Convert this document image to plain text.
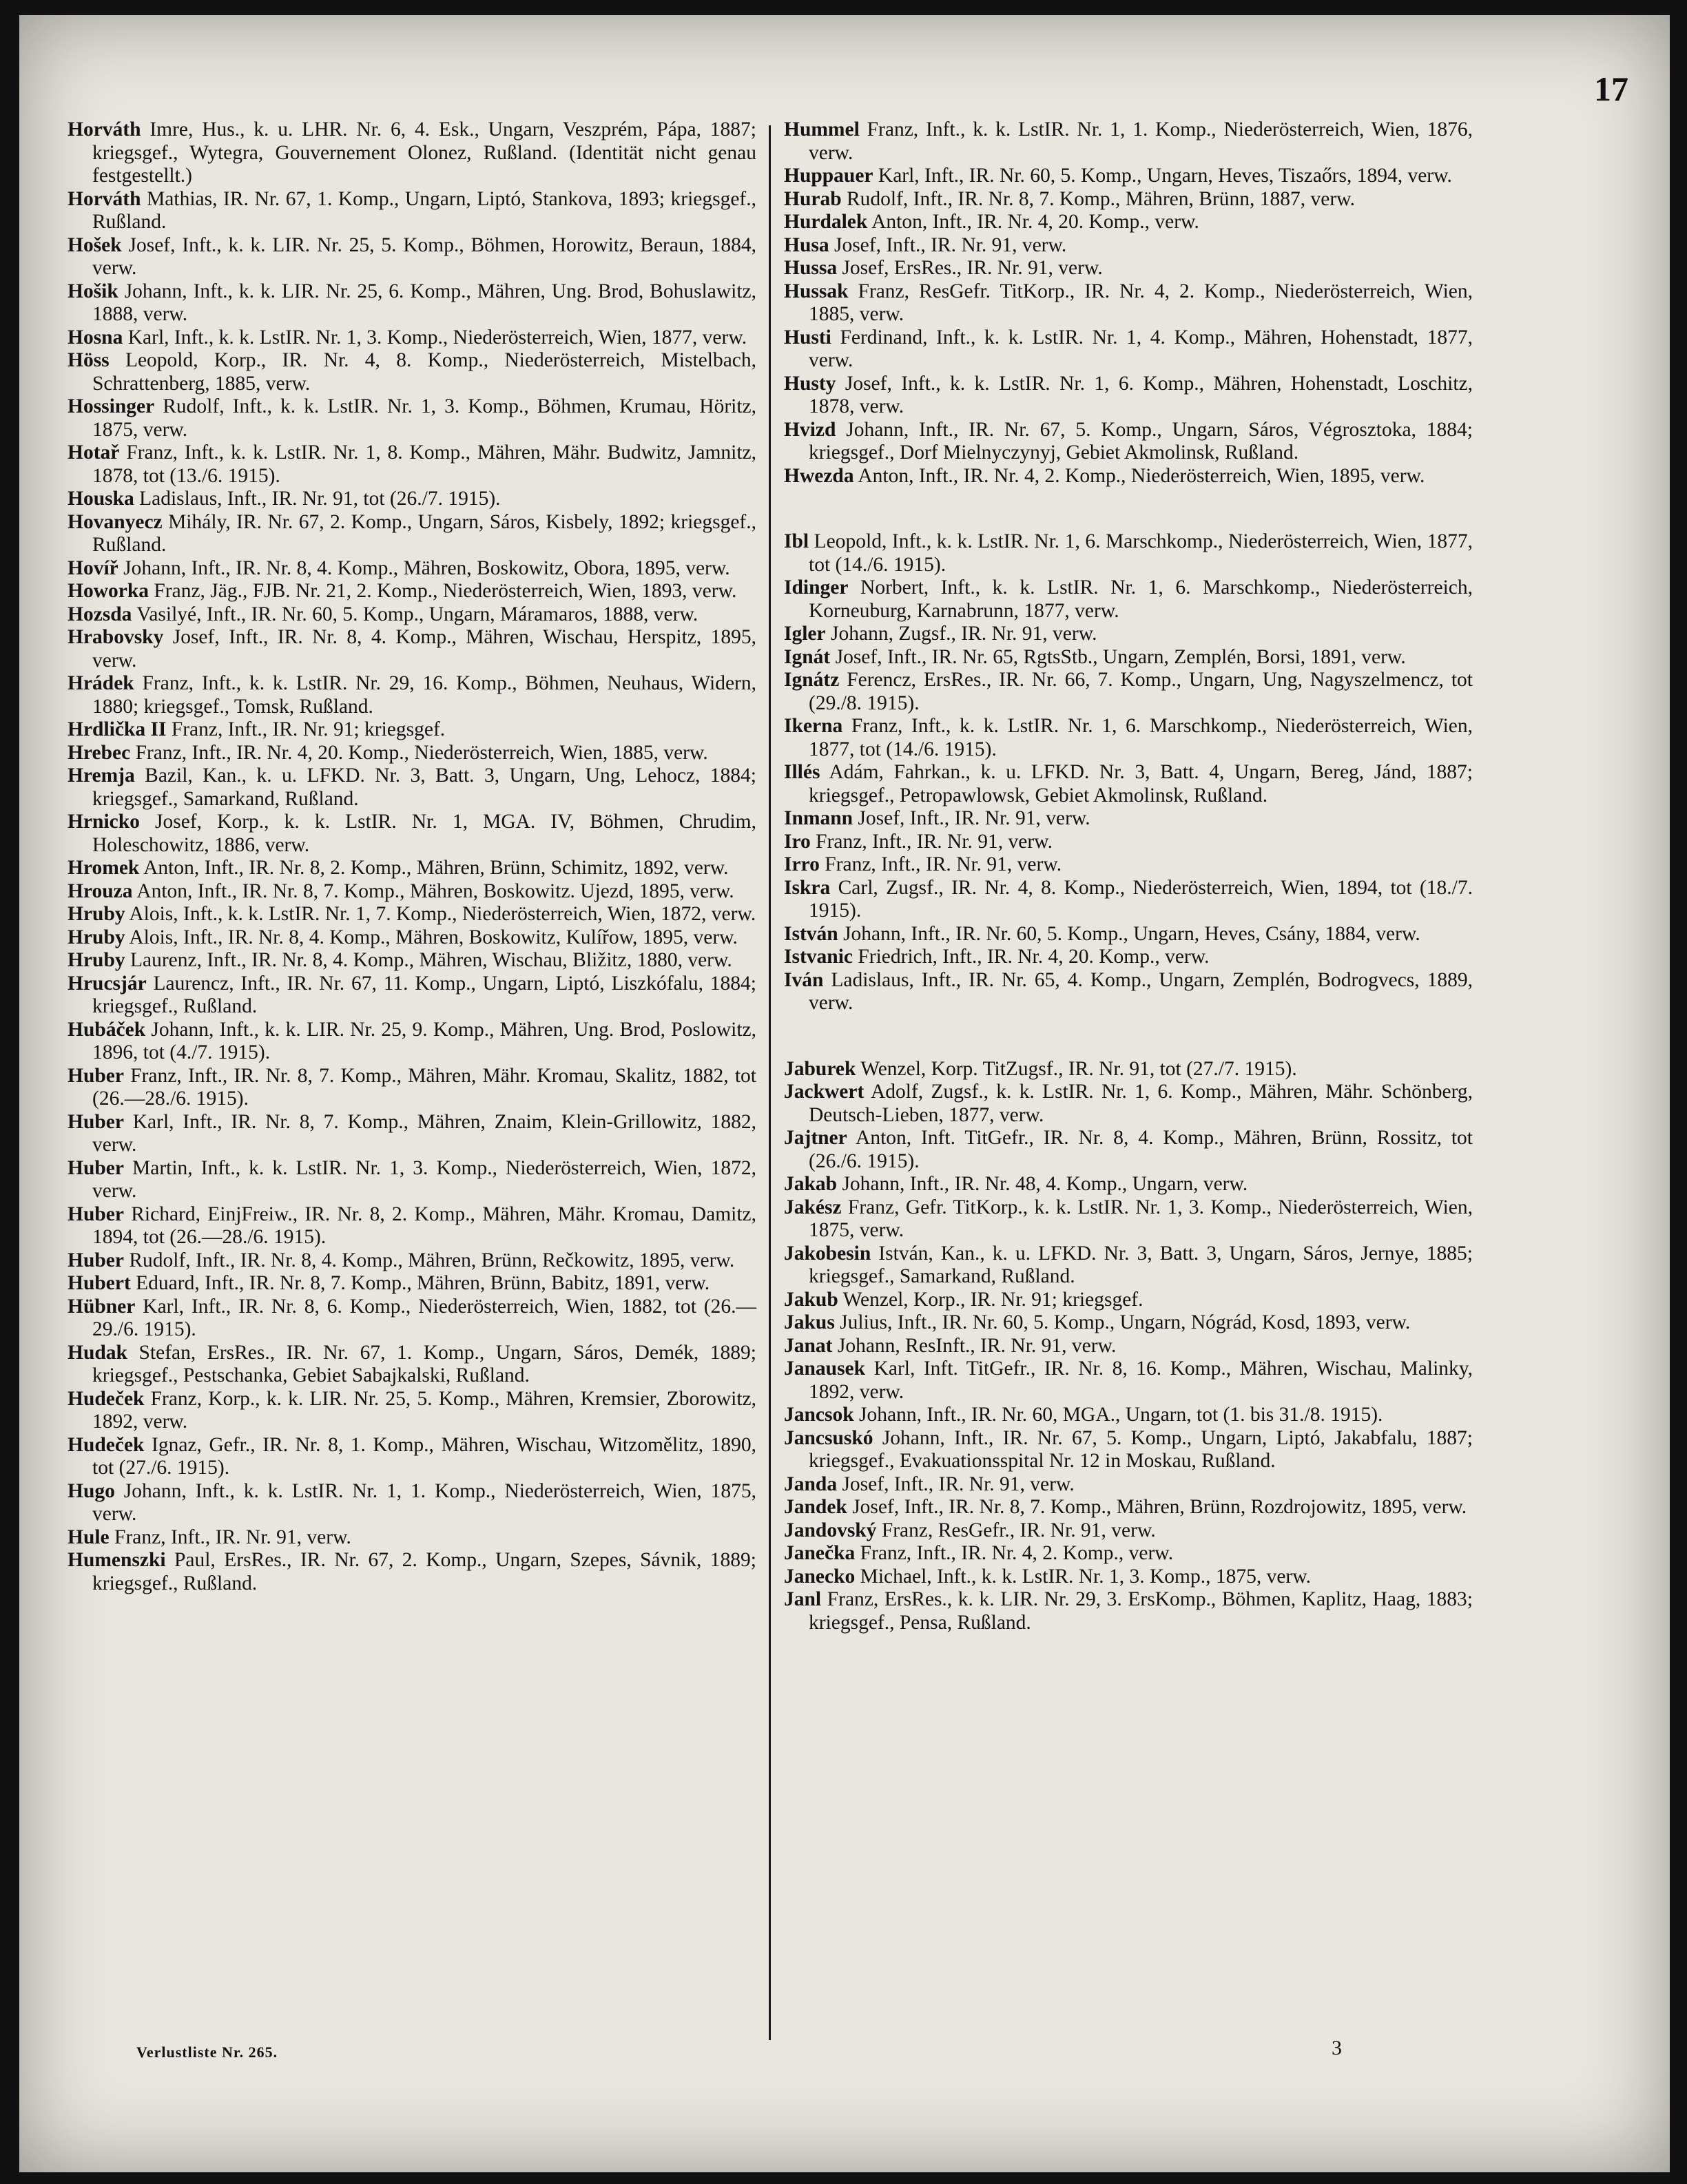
17

Horváth Imre, Hus., k. u. LHR. Nr. 6, 4. Esk., Ungarn, Veszprém, Pápa, 1887; kriegsgef., Wytegra, Gouvernement Olonez, Rußland. (Identität nicht genau festgestellt.)

Horváth Mathias, IR. Nr. 67, 1. Komp., Ungarn, Liptó, Stankova, 1893; kriegsgef., Rußland.

Hošek Josef, Inft., k. k. LIR. Nr. 25, 5. Komp., Böhmen, Horowitz, Beraun, 1884, verw.

Hošik Johann, Inft., k. k. LIR. Nr. 25, 6. Komp., Mähren, Ung. Brod, Bohuslawitz, 1888, verw.

Hosna Karl, Inft., k. k. LstIR. Nr. 1, 3. Komp., Niederösterreich, Wien, 1877, verw.

Höss Leopold, Korp., IR. Nr. 4, 8. Komp., Niederösterreich, Mistelbach, Schrattenberg, 1885, verw.

Hossinger Rudolf, Inft., k. k. LstIR. Nr. 1, 3. Komp., Böhmen, Krumau, Höritz, 1875, verw.

Hotař Franz, Inft., k. k. LstIR. Nr. 1, 8. Komp., Mähren, Mähr. Budwitz, Jamnitz, 1878, tot (13./6. 1915).

Houska Ladislaus, Inft., IR. Nr. 91, tot (26./7. 1915).

Hovanyecz Mihály, IR. Nr. 67, 2. Komp., Ungarn, Sáros, Kisbely, 1892; kriegsgef., Rußland.

Hovíř Johann, Inft., IR. Nr. 8, 4. Komp., Mähren, Boskowitz, Obora, 1895, verw.

Howorka Franz, Jäg., FJB. Nr. 21, 2. Komp., Niederösterreich, Wien, 1893, verw.

Hozsda Vasilyé, Inft., IR. Nr. 60, 5. Komp., Ungarn, Máramaros, 1888, verw.

Hrabovsky Josef, Inft., IR. Nr. 8, 4. Komp., Mähren, Wischau, Herspitz, 1895, verw.

Hrádek Franz, Inft., k. k. LstIR. Nr. 29, 16. Komp., Böhmen, Neuhaus, Widern, 1880; kriegsgef., Tomsk, Rußland.

Hrdlička II Franz, Inft., IR. Nr. 91; kriegsgef.

Hrebec Franz, Inft., IR. Nr. 4, 20. Komp., Niederösterreich, Wien, 1885, verw.

Hremja Bazil, Kan., k. u. LFKD. Nr. 3, Batt. 3, Ungarn, Ung, Lehocz, 1884; kriegsgef., Samarkand, Rußland.

Hrnicko Josef, Korp., k. k. LstIR. Nr. 1, MGA. IV, Böhmen, Chrudim, Holeschowitz, 1886, verw.

Hromek Anton, Inft., IR. Nr. 8, 2. Komp., Mähren, Brünn, Schimitz, 1892, verw.

Hrouza Anton, Inft., IR. Nr. 8, 7. Komp., Mähren, Boskowitz. Ujezd, 1895, verw.

Hruby Alois, Inft., k. k. LstIR. Nr. 1, 7. Komp., Niederösterreich, Wien, 1872, verw.

Hruby Alois, Inft., IR. Nr. 8, 4. Komp., Mähren, Boskowitz, Kulířow, 1895, verw.

Hruby Laurenz, Inft., IR. Nr. 8, 4. Komp., Mähren, Wischau, Bližitz, 1880, verw.

Hrucsjár Laurencz, Inft., IR. Nr. 67, 11. Komp., Ungarn, Liptó, Liszkófalu, 1884; kriegsgef., Rußland.

Hubáček Johann, Inft., k. k. LIR. Nr. 25, 9. Komp., Mähren, Ung. Brod, Poslowitz, 1896, tot (4./7. 1915).

Huber Franz, Inft., IR. Nr. 8, 7. Komp., Mähren, Mähr. Kromau, Skalitz, 1882, tot (26.—28./6. 1915).

Huber Karl, Inft., IR. Nr. 8, 7. Komp., Mähren, Znaim, Klein-Grillowitz, 1882, verw.

Huber Martin, Inft., k. k. LstIR. Nr. 1, 3. Komp., Niederösterreich, Wien, 1872, verw.

Huber Richard, EinjFreiw., IR. Nr. 8, 2. Komp., Mähren, Mähr. Kromau, Damitz, 1894, tot (26.—28./6. 1915).

Huber Rudolf, Inft., IR. Nr. 8, 4. Komp., Mähren, Brünn, Rečkowitz, 1895, verw.

Hubert Eduard, Inft., IR. Nr. 8, 7. Komp., Mähren, Brünn, Babitz, 1891, verw.

Hübner Karl, Inft., IR. Nr. 8, 6. Komp., Niederösterreich, Wien, 1882, tot (26.—29./6. 1915).

Hudak Stefan, ErsRes., IR. Nr. 67, 1. Komp., Ungarn, Sáros, Demék, 1889; kriegsgef., Pestschanka, Gebiet Sabajkalski, Rußland.

Hudeček Franz, Korp., k. k. LIR. Nr. 25, 5. Komp., Mähren, Kremsier, Zborowitz, 1892, verw.

Hudeček Ignaz, Gefr., IR. Nr. 8, 1. Komp., Mähren, Wischau, Witzomělitz, 1890, tot (27./6. 1915).

Hugo Johann, Inft., k. k. LstIR. Nr. 1, 1. Komp., Niederösterreich, Wien, 1875, verw.

Hule Franz, Inft., IR. Nr. 91, verw.

Humenszki Paul, ErsRes., IR. Nr. 67, 2. Komp., Ungarn, Szepes, Sávnik, 1889; kriegsgef., Rußland.

Hummel Franz, Inft., k. k. LstIR. Nr. 1, 1. Komp., Niederösterreich, Wien, 1876, verw.

Huppauer Karl, Inft., IR. Nr. 60, 5. Komp., Ungarn, Heves, Tiszaőrs, 1894, verw.

Hurab Rudolf, Inft., IR. Nr. 8, 7. Komp., Mähren, Brünn, 1887, verw.

Hurdalek Anton, Inft., IR. Nr. 4, 20. Komp., verw.

Husa Josef, Inft., IR. Nr. 91, verw.

Hussa Josef, ErsRes., IR. Nr. 91, verw.

Hussak Franz, ResGefr. TitKorp., IR. Nr. 4, 2. Komp., Niederösterreich, Wien, 1885, verw.

Husti Ferdinand, Inft., k. k. LstIR. Nr. 1, 4. Komp., Mähren, Hohenstadt, 1877, verw.

Husty Josef, Inft., k. k. LstIR. Nr. 1, 6. Komp., Mähren, Hohenstadt, Loschitz, 1878, verw.

Hvizd Johann, Inft., IR. Nr. 67, 5. Komp., Ungarn, Sáros, Végrosztoka, 1884; kriegsgef., Dorf Mielnyczynyj, Gebiet Akmolinsk, Rußland.

Hwezda Anton, Inft., IR. Nr. 4, 2. Komp., Niederösterreich, Wien, 1895, verw.

Ibl Leopold, Inft., k. k. LstIR. Nr. 1, 6. Marschkomp., Niederösterreich, Wien, 1877, tot (14./6. 1915).

Idinger Norbert, Inft., k. k. LstIR. Nr. 1, 6. Marschkomp., Niederösterreich, Korneuburg, Karnabrunn, 1877, verw.

Igler Johann, Zugsf., IR. Nr. 91, verw.

Ignát Josef, Inft., IR. Nr. 65, RgtsStb., Ungarn, Zemplén, Borsi, 1891, verw.

Ignátz Ferencz, ErsRes., IR. Nr. 66, 7. Komp., Ungarn, Ung, Nagyszelmencz, tot (29./8. 1915).

Ikerna Franz, Inft., k. k. LstIR. Nr. 1, 6. Marschkomp., Niederösterreich, Wien, 1877, tot (14./6. 1915).

Illés Adám, Fahrkan., k. u. LFKD. Nr. 3, Batt. 4, Ungarn, Bereg, Jánd, 1887; kriegsgef., Petropawlowsk, Gebiet Akmolinsk, Rußland.

Inmann Josef, Inft., IR. Nr. 91, verw.

Iro Franz, Inft., IR. Nr. 91, verw.

Irro Franz, Inft., IR. Nr. 91, verw.

Iskra Carl, Zugsf., IR. Nr. 4, 8. Komp., Niederösterreich, Wien, 1894, tot (18./7. 1915).

István Johann, Inft., IR. Nr. 60, 5. Komp., Ungarn, Heves, Csány, 1884, verw.

Istvanic Friedrich, Inft., IR. Nr. 4, 20. Komp., verw.

Iván Ladislaus, Inft., IR. Nr. 65, 4. Komp., Ungarn, Zemplén, Bodrogvecs, 1889, verw.

Jaburek Wenzel, Korp. TitZugsf., IR. Nr. 91, tot (27./7. 1915).

Jackwert Adolf, Zugsf., k. k. LstIR. Nr. 1, 6. Komp., Mähren, Mähr. Schönberg, Deutsch-Lieben, 1877, verw.

Jajtner Anton, Inft. TitGefr., IR. Nr. 8, 4. Komp., Mähren, Brünn, Rossitz, tot (26./6. 1915).

Jakab Johann, Inft., IR. Nr. 48, 4. Komp., Ungarn, verw.

Jakész Franz, Gefr. TitKorp., k. k. LstIR. Nr. 1, 3. Komp., Niederösterreich, Wien, 1875, verw.

Jakobesin István, Kan., k. u. LFKD. Nr. 3, Batt. 3, Ungarn, Sáros, Jernye, 1885; kriegsgef., Samarkand, Rußland.

Jakub Wenzel, Korp., IR. Nr. 91; kriegsgef.

Jakus Julius, Inft., IR. Nr. 60, 5. Komp., Ungarn, Nógrád, Kosd, 1893, verw.

Janat Johann, ResInft., IR. Nr. 91, verw.

Janausek Karl, Inft. TitGefr., IR. Nr. 8, 16. Komp., Mähren, Wischau, Malinky, 1892, verw.

Jancsok Johann, Inft., IR. Nr. 60, MGA., Ungarn, tot (1. bis 31./8. 1915).

Jancsuskó Johann, Inft., IR. Nr. 67, 5. Komp., Ungarn, Liptó, Jakabfalu, 1887; kriegsgef., Evakuationsspital Nr. 12 in Moskau, Rußland.

Janda Josef, Inft., IR. Nr. 91, verw.

Jandek Josef, Inft., IR. Nr. 8, 7. Komp., Mähren, Brünn, Rozdrojowitz, 1895, verw.

Jandovský Franz, ResGefr., IR. Nr. 91, verw.

Janečka Franz, Inft., IR. Nr. 4, 2. Komp., verw.

Janecko Michael, Inft., k. k. LstIR. Nr. 1, 3. Komp., 1875, verw.

Janl Franz, ErsRes., k. k. LIR. Nr. 29, 3. ErsKomp., Böhmen, Kaplitz, Haag, 1883; kriegsgef., Pensa, Rußland.

Verlustliste Nr. 265.	3
